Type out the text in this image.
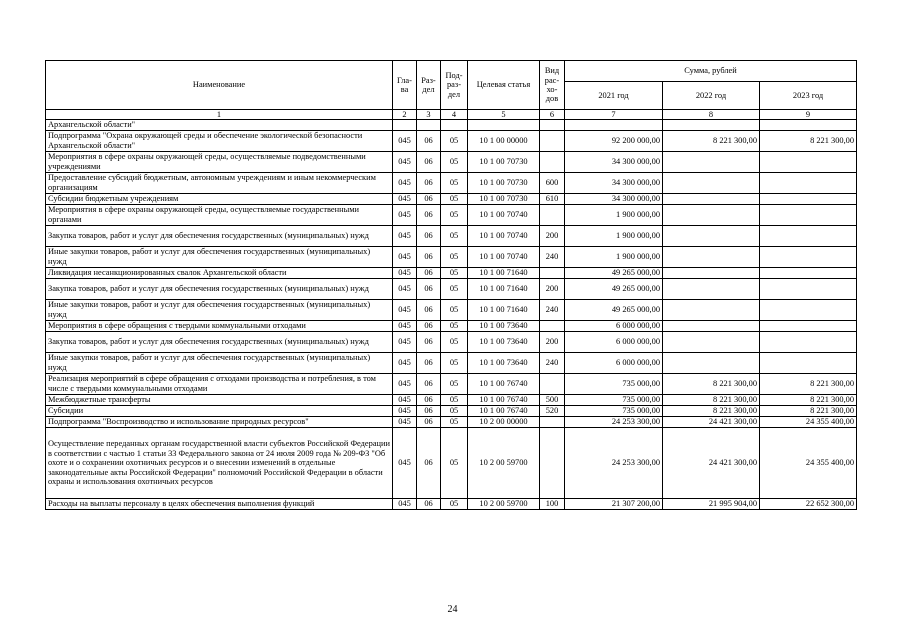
Наименование	Гла-ва	Раз-дел	Под-раз-дел	Целевая статья	Вид рас-хо-дов	Сумма, рублей		
						2021 год	2022 год	2023 год
1	2	3	4	5	6	7	8	9
Архангельской области"								
Подпрограмма "Охрана окружающей среды и обеспечение экологической безопасности Архангельской области"	045	06	05	10 1 00 00000		92 200 000,00	8 221 300,00	8 221 300,00
Мероприятия в сфере охраны окружающей среды, осуществляемые подведомственными учреждениями	045	06	05	10 1 00 70730		34 300 000,00		
Предоставление субсидий бюджетным, автономным учреждениям и иным некоммерческим организациям	045	06	05	10 1 00 70730	600	34 300 000,00		
Субсидии бюджетным учреждениям	045	06	05	10 1 00 70730	610	34 300 000,00		
Мероприятия в сфере охраны окружающей среды, осуществляемые государственными органами	045	06	05	10 1 00 70740		1 900 000,00		
Закупка товаров, работ и услуг для обеспечения государственных (муниципальных) нужд	045	06	05	10 1 00 70740	200	1 900 000,00		
Иные закупки товаров, работ и услуг для обеспечения государственных (муниципальных) нужд	045	06	05	10 1 00 70740	240	1 900 000,00		
Ликвидация несанкционированных свалок Архангельской области	045	06	05	10 1 00 71640		49 265 000,00		
Закупка товаров, работ и услуг для обеспечения государственных (муниципальных) нужд	045	06	05	10 1 00 71640	200	49 265 000,00		
Иные закупки товаров, работ и услуг для обеспечения государственных (муниципальных) нужд	045	06	05	10 1 00 71640	240	49 265 000,00		
Мероприятия в сфере обращения с твердыми коммунальными отходами	045	06	05	10 1 00 73640		6 000 000,00		
Закупка товаров, работ и услуг для обеспечения государственных (муниципальных) нужд	045	06	05	10 1 00 73640	200	6 000 000,00		
Иные закупки товаров, работ и услуг для обеспечения государственных (муниципальных) нужд	045	06	05	10 1 00 73640	240	6 000 000,00		
Реализация мероприятий в сфере обращения с отходами производства и потребления, в том числе с твердыми коммунальными отходами	045	06	05	10 1 00 76740		735 000,00	8 221 300,00	8 221 300,00
Межбюджетные трансферты	045	06	05	10 1 00 76740	500	735 000,00	8 221 300,00	8 221 300,00
Субсидии	045	06	05	10 1 00 76740	520	735 000,00	8 221 300,00	8 221 300,00
Подпрограмма "Воспроизводство и использование природных ресурсов"	045	06	05	10 2 00 00000		24 253 300,00	24 421 300,00	24 355 400,00
Осуществление переданных органам государственной власти субъектов Российской Федерации в соответствии с частью 1 статьи 33 Федерального закона от 24 июля 2009 года № 209-ФЗ "Об охоте и о сохранении охотничьих ресурсов и о внесении изменений в отдельные законодательные акты Российской Федерации" полномочий Российской Федерации в области охраны и использования охотничьих ресурсов	045	06	05	10 2 00 59700		24 253 300,00	24 421 300,00	24 355 400,00
Расходы на выплаты персоналу в целях обеспечения выполнения функций	045	06	05	10 2 00 59700	100	21 307 200,00	21 995 904,00	22 652 300,00
24
